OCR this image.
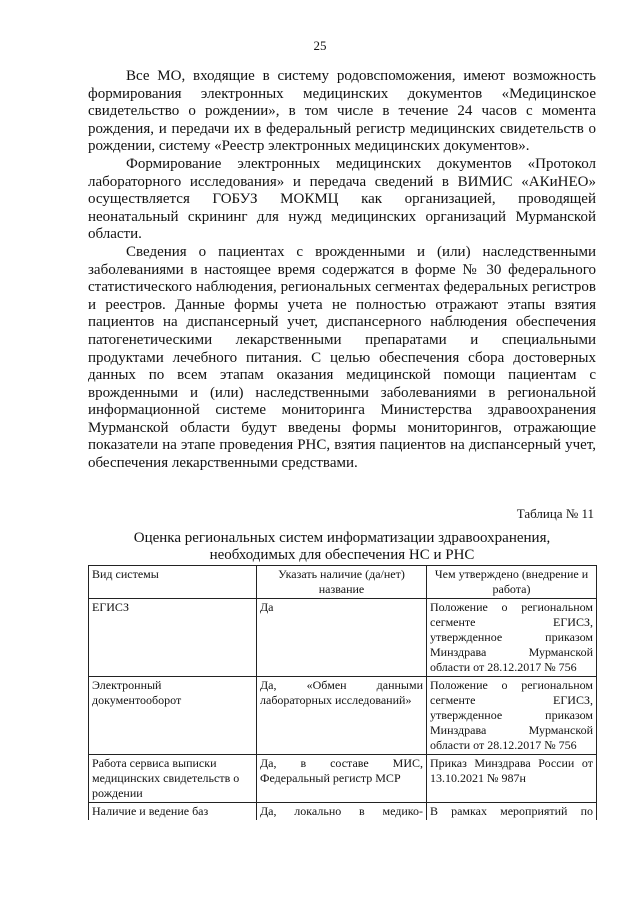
25

Все МО, входящие в систему родовспоможения, имеют возможность формирования электронных медицинских документов «Медицинское свидетельство о рождении», в том числе в течение 24 часов с момента рождения, и передачи их в федеральный регистр медицинских свидетельств о рождении, систему «Реестр электронных медицинских документов».

Формирование электронных медицинских документов «Протокол лабораторного исследования» и передача сведений в ВИМИС «АКиНЕО» осуществляется ГОБУЗ МОКМЦ как организацией, проводящей неонатальный скрининг для нужд медицинских организаций Мурманской области.

Сведения о пациентах с врожденными и (или) наследственными заболеваниями в настоящее время содержатся в форме № 30 федерального статистического наблюдения, региональных сегментах федеральных регистров и реестров. Данные формы учета не полностью отражают этапы взятия пациентов на диспансерный учет, диспансерного наблюдения обеспечения патогенетическими лекарственными препаратами и специальными продуктами лечебного питания. С целью обеспечения сбора достоверных данных по всем этапам оказания медицинской помощи пациентам с врожденными и (или) наследственными заболеваниями в региональной информационной системе мониторинга Министерства здравоохранения Мурманской области будут введены формы мониторингов, отражающие показатели на этапе проведения РНС, взятия пациентов на диспансерный учет, обеспечения лекарственными средствами.

Таблица № 11
Оценка региональных систем информатизации здравоохранения,
необходимых для обеспечения НС и РНС
Вид системы	Указать наличие (да/нет) название	Чем утверждено (внедрение и работа)
ЕГИСЗ	Да	Положение о региональном сегменте ЕГИСЗ, утвержденное приказом Минздрава Мурманской области от 28.12.2017 № 756
Электронный документооборот	Да, «Обмен данными лабораторных исследований»	Положение о региональном сегменте ЕГИСЗ, утвержденное приказом Минздрава Мурманской области от 28.12.2017 № 756
Работа сервиса выписки медицинских свидетельств о рождении	Да, в составе МИС, Федеральный регистр МСР	Приказ Минздрава России от 13.10.2021 № 987н
Наличие и ведение баз	Да, локально в медико-	В рамках мероприятий по
